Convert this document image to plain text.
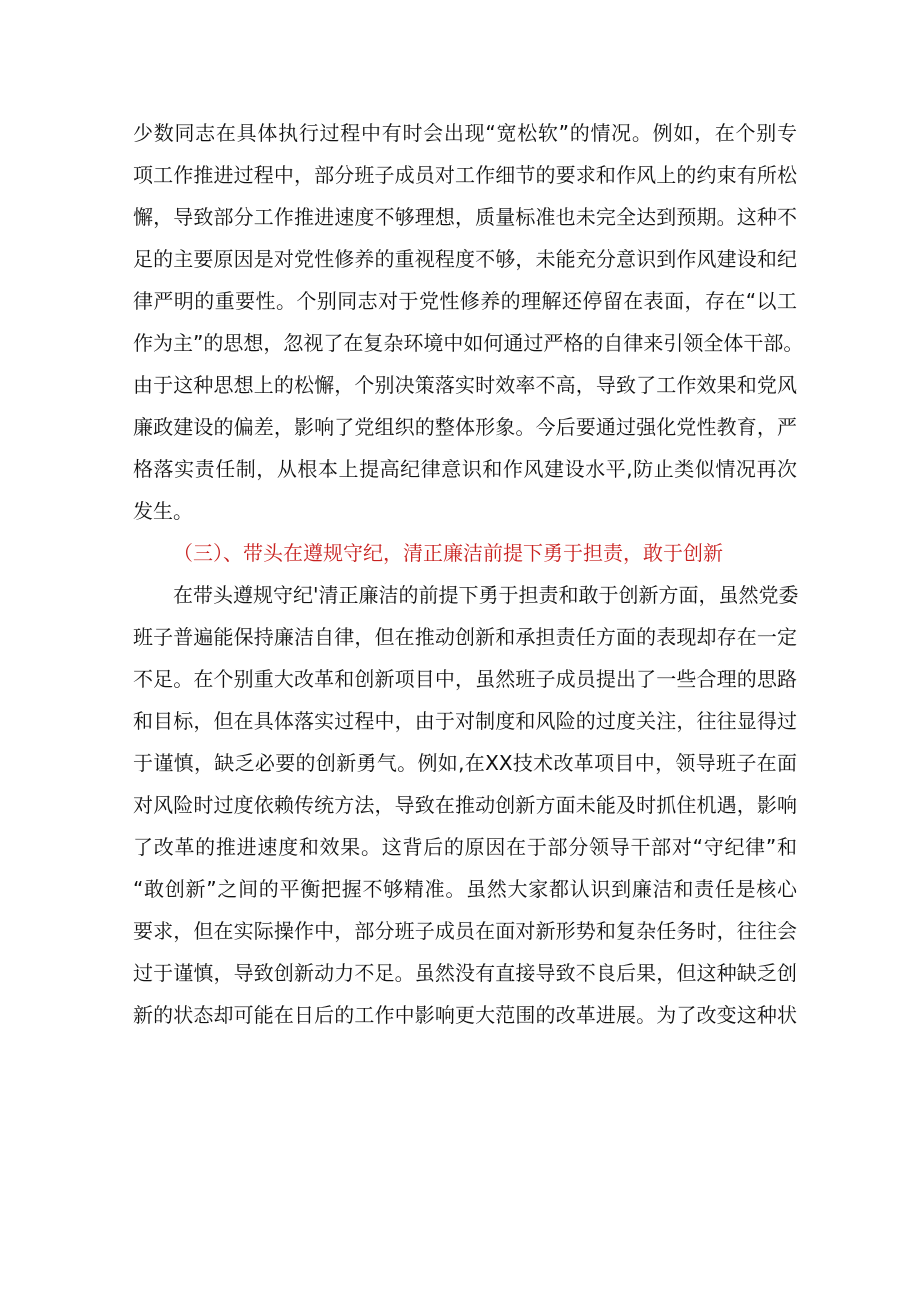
少数同志在具体执行过程中有时会出现“宽松软”的情况。例如，在个别专
项工作推进过程中，部分班子成员对工作细节的要求和作风上的约束有所松
懈，导致部分工作推进速度不够理想，质量标准也未完全达到预期。这种不
足的主要原因是对党性修养的重视程度不够，未能充分意识到作风建设和纪
律严明的重要性。个别同志对于党性修养的理解还停留在表面，存在“以工
作为主”的思想，忽视了在复杂环境中如何通过严格的自律来引领全体干部。
由于这种思想上的松懈，个别决策落实时效率不高，导致了工作效果和党风
廉政建设的偏差，影响了党组织的整体形象。今后要通过强化党性教育，严
格落实责任制，从根本上提高纪律意识和作风建设水平,防止类似情况再次
发生。
（三）、带头在遵规守纪，清正廉洁前提下勇于担责，敢于创新
在带头遵规守纪'清正廉洁的前提下勇于担责和敢于创新方面，虽然党委
班子普遍能保持廉洁自律，但在推动创新和承担责任方面的表现却存在一定
不足。在个别重大改革和创新项目中，虽然班子成员提出了一些合理的思路
和目标，但在具体落实过程中，由于对制度和风险的过度关注，往往显得过
于谨慎，缺乏必要的创新勇气。例如,在XX技术改革项目中，领导班子在面
对风险时过度依赖传统方法，导致在推动创新方面未能及时抓住机遇，影响
了改革的推进速度和效果。这背后的原因在于部分领导干部对“守纪律”和
“敢创新”之间的平衡把握不够精准。虽然大家都认识到廉洁和责任是核心
要求，但在实际操作中，部分班子成员在面对新形势和复杂任务时，往往会
过于谨慎，导致创新动力不足。虽然没有直接导致不良后果，但这种缺乏创
新的状态却可能在日后的工作中影响更大范围的改革进展。为了改变这种状
